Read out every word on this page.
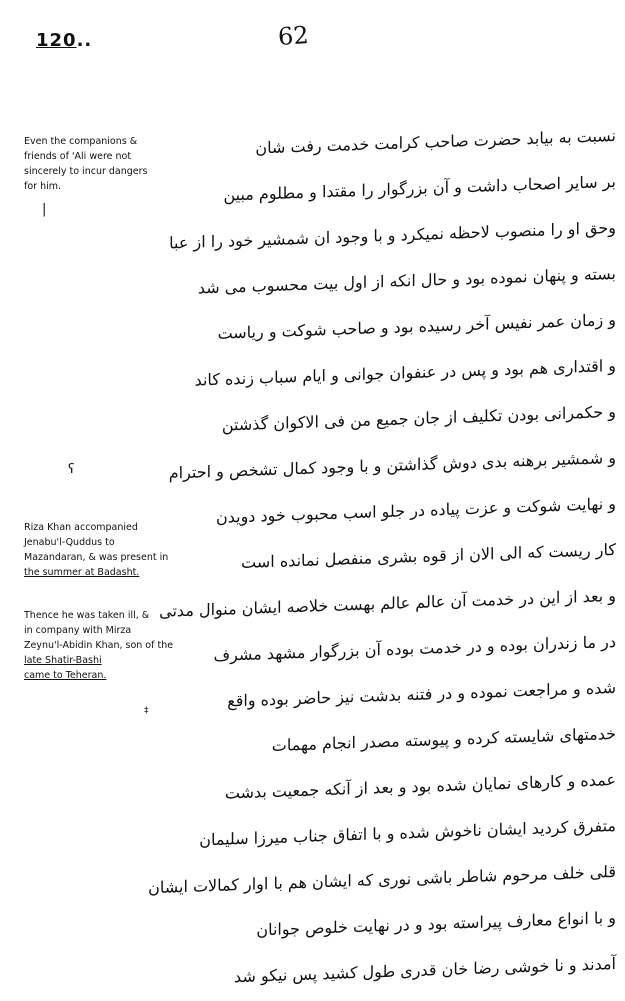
120..	62
Even the companions &
friends of 'Ali were not
sincerely to incur dangers
for him.
|
ʕ
Riza Khan accompanied
Jenabu'l-Quddus to
Mazandaran, & was present in
the summer at Badasht.
Thence he was taken ill, &
in company with Mirza
Zeynu'l-Abidin Khan, son of the
late Shatir-Bashi
came to Teheran.
‡
نسبت به بیابد حضرت صاحب کرامت خدمت رفت شان
بر سایر اصحاب داشت و آن بزرگوار را مقتدا و مطلوم مبین
وحق او را منصوب لاحظه نمیکرد و با وجود ان شمشیر خود را از عبا
بسته و پنهان نموده بود و حال انکه از اول بیت محسوب می شد
و زمان عمر نفیس آخر رسیده بود و صاحب شوکت و ریاست
و اقتداری هم بود و پس در عنفوان جوانی و ایام سباب زنده کاند
و حکمرانی بودن تکلیف از جان جمیع من فی الاکوان گذشتن
و شمشیر برهنه بدی دوش گذاشتن و با وجود کمال تشخص و احترام
و نهایت شوکت و عزت پیاده در جلو اسب محبوب خود دویدن
کار ریست که الی الان از قوه بشری منفصل نمانده است
و بعد از این در خدمت آن عالم عالم بهست خلاصه ایشان منوال مدتی
در ما زندران بوده و در خدمت بوده آن بزرگوار مشهد مشرف
شده و مراجعت نموده و در فتنه بدشت نیز حاضر بوده واقع
خدمتهای شایسته کرده و پیوسته مصدر انجام مهمات
عمده و کارهای نمایان شده بود و بعد از آنکه جمعیت بدشت
متفرق کردید ایشان ناخوش شده و با اتفاق جناب میرزا سلیمان
قلی خلف مرحوم شاطر باشی نوری که ایشان هم با اوار کمالات ایشان
و با انواع معارف پیراسته بود و در نهایت خلوص جوانان
آمدند و نا خوشی رضا خان قدری طول کشید پس نیکو شد
